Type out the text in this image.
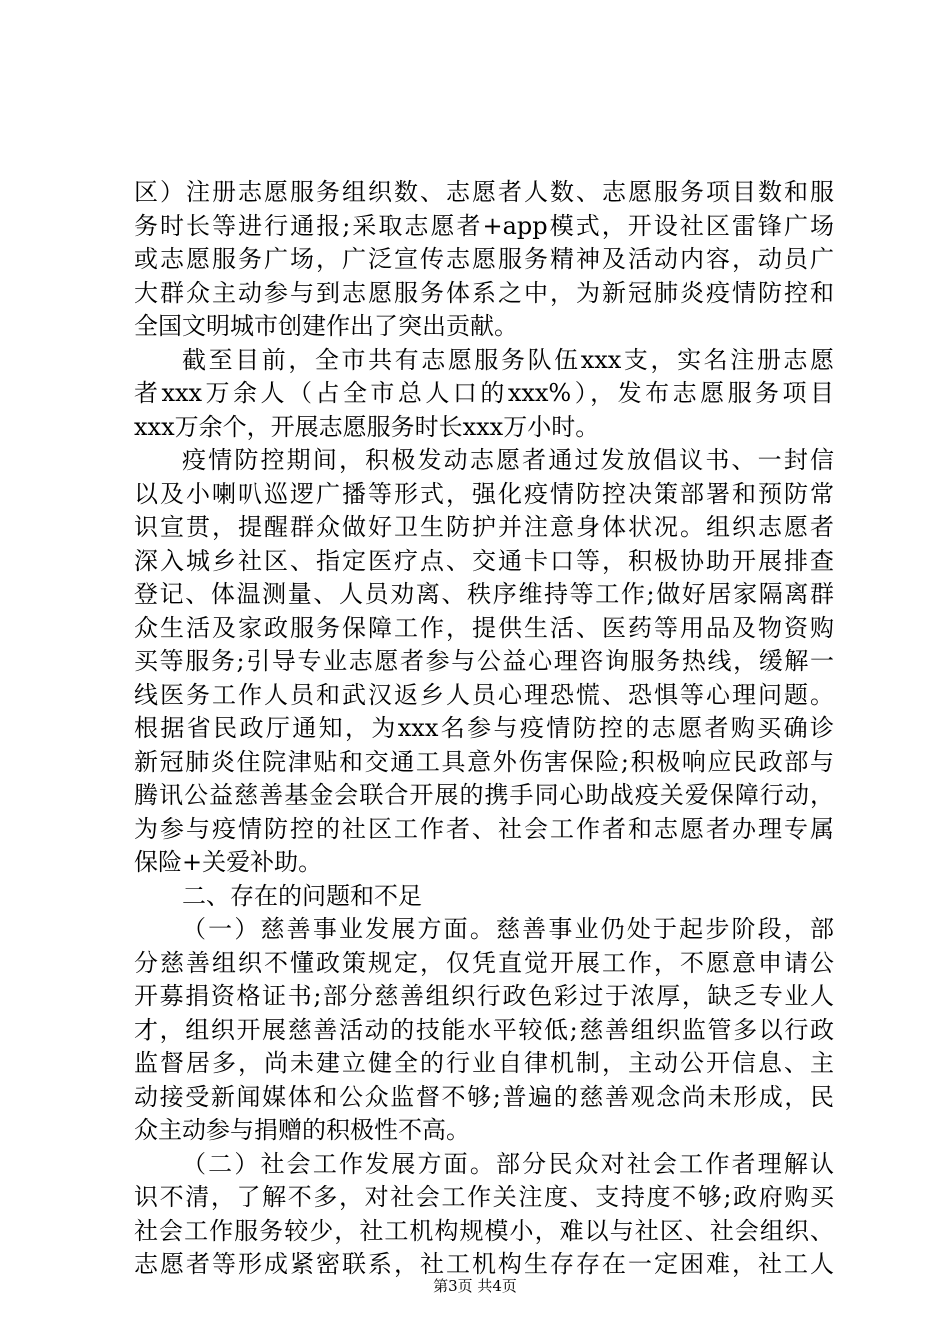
区）注册志愿服务组织数、志愿者人数、志愿服务项目数和服
务时长等进行通报;采取志愿者+app模式，开设社区雷锋广场
或志愿服务广场，广泛宣传志愿服务精神及活动内容，动员广
大群众主动参与到志愿服务体系之中，为新冠肺炎疫情防控和
全国文明城市创建作出了突出贡献。
截至目前，全市共有志愿服务队伍xxx支，实名注册志愿
者xxx万余人（占全市总人口的xxx%），发布志愿服务项目
xxx万余个，开展志愿服务时长xxx万小时。
疫情防控期间，积极发动志愿者通过发放倡议书、一封信
以及小喇叭巡逻广播等形式，强化疫情防控决策部署和预防常
识宣贯，提醒群众做好卫生防护并注意身体状况。组织志愿者
深入城乡社区、指定医疗点、交通卡口等，积极协助开展排查
登记、体温测量、人员劝离、秩序维持等工作;做好居家隔离群
众生活及家政服务保障工作，提供生活、医药等用品及物资购
买等服务;引导专业志愿者参与公益心理咨询服务热线，缓解一
线医务工作人员和武汉返乡人员心理恐慌、恐惧等心理问题。
根据省民政厅通知，为xxx名参与疫情防控的志愿者购买确诊
新冠肺炎住院津贴和交通工具意外伤害保险;积极响应民政部与
腾讯公益慈善基金会联合开展的携手同心助战疫关爱保障行动，
为参与疫情防控的社区工作者、社会工作者和志愿者办理专属
保险+关爱补助。
二、存在的问题和不足
（一）慈善事业发展方面。慈善事业仍处于起步阶段，部
分慈善组织不懂政策规定，仅凭直觉开展工作，不愿意申请公
开募捐资格证书;部分慈善组织行政色彩过于浓厚，缺乏专业人
才，组织开展慈善活动的技能水平较低;慈善组织监管多以行政
监督居多，尚未建立健全的行业自律机制，主动公开信息、主
动接受新闻媒体和公众监督不够;普遍的慈善观念尚未形成，民
众主动参与捐赠的积极性不高。
（二）社会工作发展方面。部分民众对社会工作者理解认
识不清，了解不多，对社会工作关注度、支持度不够;政府购买
社会工作服务较少，社工机构规模小，难以与社区、社会组织、
志愿者等形成紧密联系，社工机构生存存在一定困难，社工人
第3页 共4页
